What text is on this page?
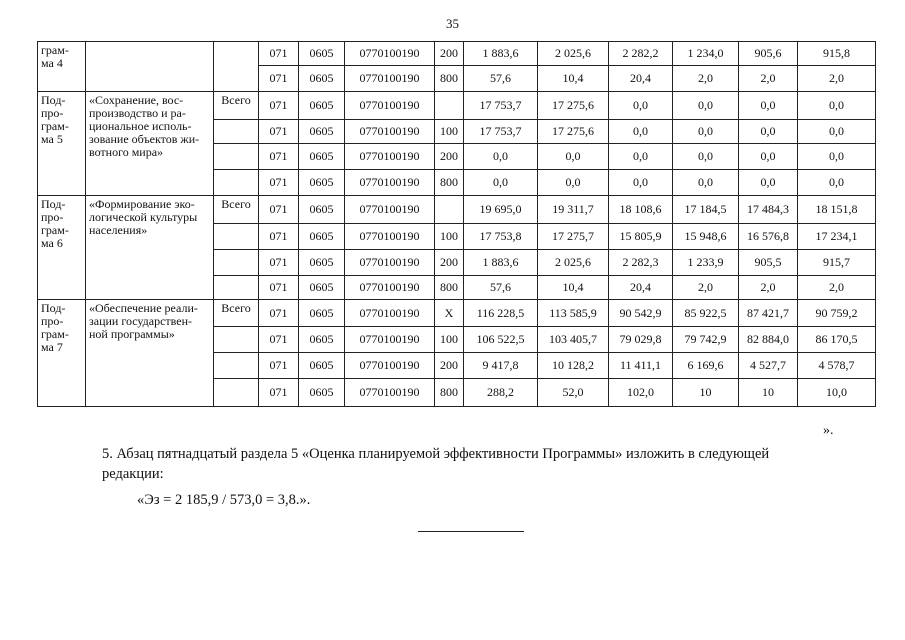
35
грам-
ма 4			071	0605	0770100190	200	1 883,6	2 025,6	2 282,2	1 234,0	905,6	915,8
			071	0605	0770100190	800	57,6	10,4	20,4	2,0	2,0	2,0
Под-
про-
грам-
ма 5	«Сохранение, вос-
производство и ра-
циональное исполь-
зование объектов жи-
вотного мира»	Всего	071	0605	0770100190		17 753,7	17 275,6	0,0	0,0	0,0	0,0
			071	0605	0770100190	100	17 753,7	17 275,6	0,0	0,0	0,0	0,0
			071	0605	0770100190	200	0,0	0,0	0,0	0,0	0,0	0,0
			071	0605	0770100190	800	0,0	0,0	0,0	0,0	0,0	0,0
Под-
про-
грам-
ма 6	«Формирование эко-
логической культуры
населения»	Всего	071	0605	0770100190		19 695,0	19 311,7	18 108,6	17 184,5	17 484,3	18 151,8
			071	0605	0770100190	100	17 753,8	17 275,7	15 805,9	15 948,6	16 576,8	17 234,1
			071	0605	0770100190	200	1 883,6	2 025,6	2 282,3	1 233,9	905,5	915,7
			071	0605	0770100190	800	57,6	10,4	20,4	2,0	2,0	2,0
Под-
про-
грам-
ма 7	«Обеспечение реали-
зации государствен-
ной программы»	Всего	071	0605	0770100190	X	116 228,5	113 585,9	90 542,9	85 922,5	87 421,7	90 759,2
			071	0605	0770100190	100	106 522,5	103 405,7	79 029,8	79 742,9	82 884,0	86 170,5
			071	0605	0770100190	200	9 417,8	10 128,2	11 411,1	6 169,6	4 527,7	4 578,7
			071	0605	0770100190	800	288,2	52,0	102,0	10	10	10,0
».
5. Абзац пятнадцатый раздела 5 «Оценка планируемой эффективности Программы» изложить в следующей
редакции:
«Эз = 2 185,9 / 573,0 = 3,8.».
